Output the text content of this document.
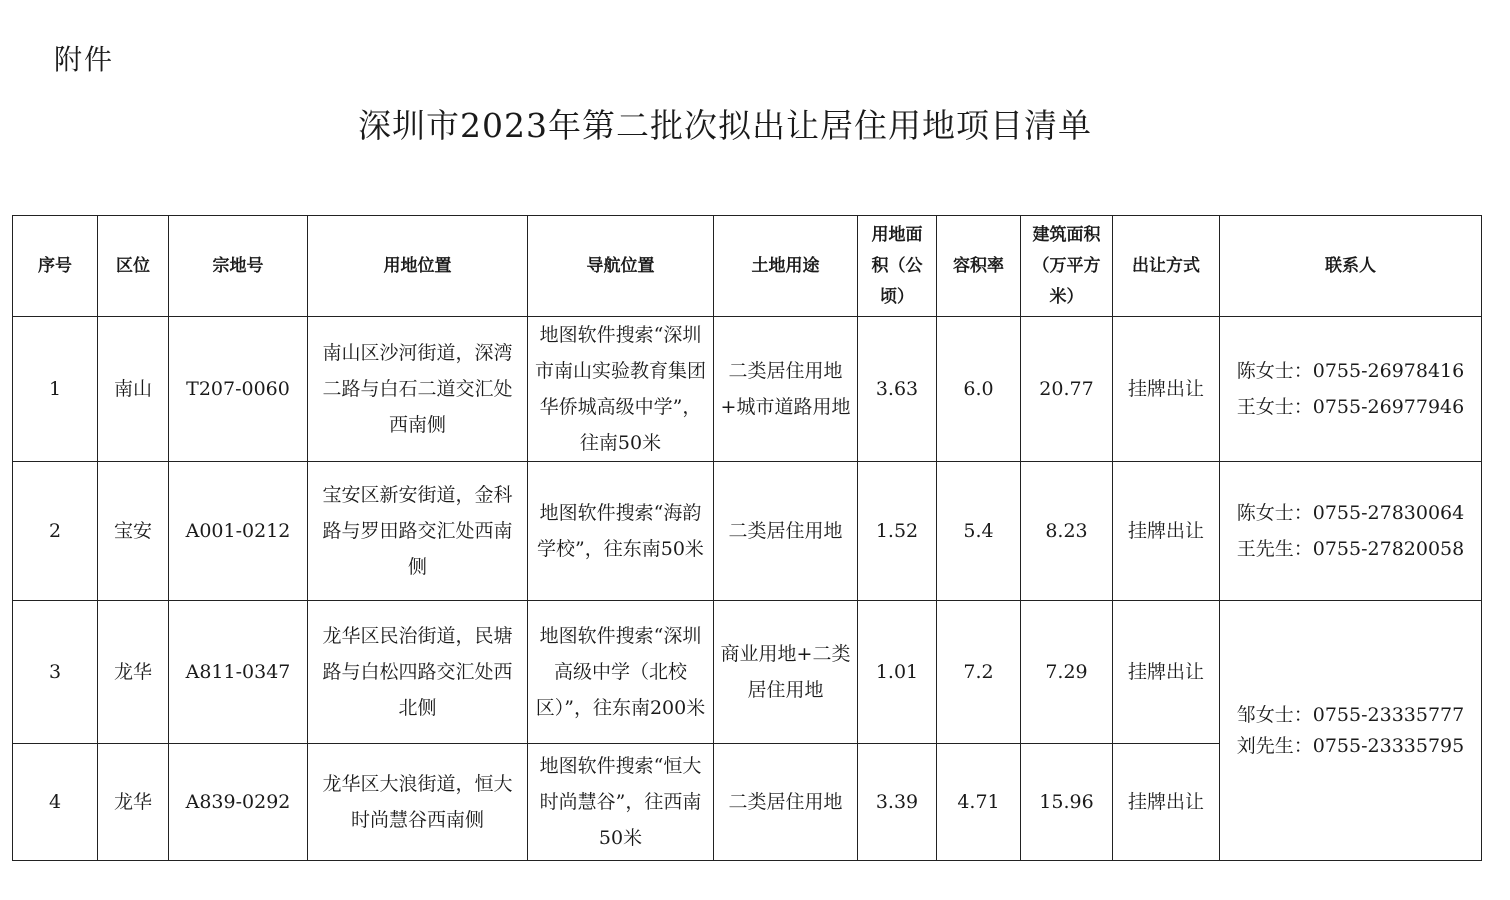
附件
深圳市2023年第二批次拟出让居住用地项目清单
序号	区位	宗地号	用地位置	导航位置	土地用途	用地面积（公顷）	容积率	建筑面积（万平方米）	出让方式	联系人
1	南山	T207-0060	南山区沙河街道，深湾二路与白石二道交汇处西南侧	地图软件搜索“深圳市南山实验教育集团华侨城高级中学”，往南50米	二类居住用地+城市道路用地	3.63	6.0	20.77	挂牌出让	陈女士：0755-26978416
王女士：0755-26977946

2	宝安	A001-0212	宝安区新安街道，金科路与罗田路交汇处西南侧	地图软件搜索“海韵学校”，往东南50米	二类居住用地	1.52	5.4	8.23	挂牌出让	陈女士：0755-27830064
王先生：0755-27820058

3	龙华	A811-0347	龙华区民治街道，民塘路与白松四路交汇处西北侧	地图软件搜索“深圳高级中学（北校区）”，往东南200米	商业用地+二类居住用地	1.01	7.2	7.29	挂牌出让	邹女士：0755-23335777
刘先生：0755-23335795

4	龙华	A839-0292	龙华区大浪街道，恒大时尚慧谷西南侧	地图软件搜索“恒大时尚慧谷”，往西南50米	二类居住用地	3.39	4.71	15.96	挂牌出让	
